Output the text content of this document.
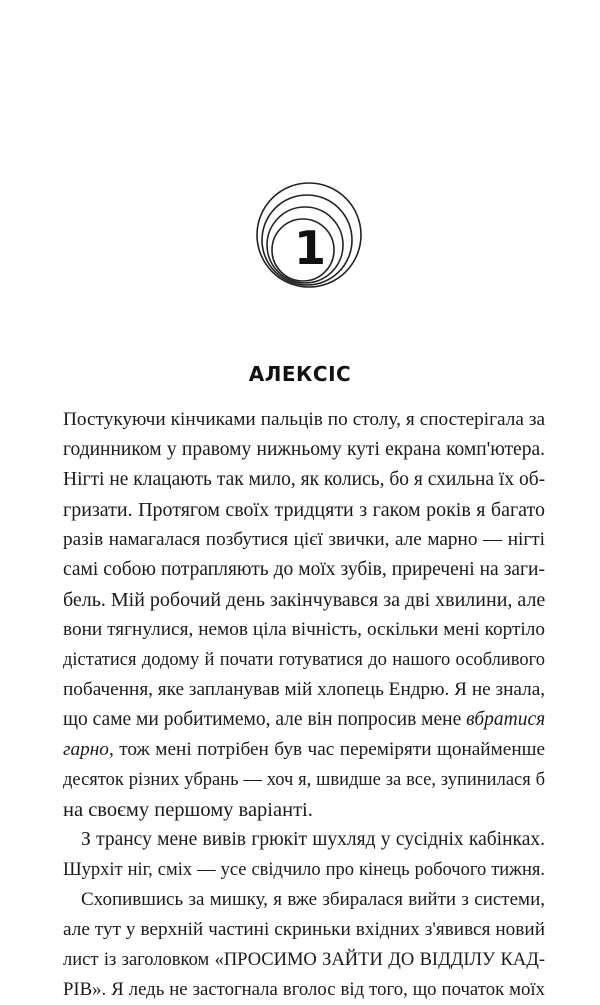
1
АЛЕКСІС
Постукуючи кінчиками пальців по столу, я спостерігала за
годинником у правому нижньому куті екрана комп'ютера.
Нігті не клацають так мило, як колись, бо я схильна їх об-
гризати. Протягом своїх тридцяти з гаком років я багато
разів намагалася позбутися цієї звички, але марно — нігті
самі собою потрапляють до моїх зубів, приречені на заги-
бель. Мій робочий день закінчувався за дві хвилини, але
вони тягнулися, немов ціла вічність, оскільки мені кортіло
дістатися додому й почати готуватися до нашого особливого
побачення, яке запланував мій хлопець Ендрю. Я не знала,
що саме ми робитимемо, але він попросив мене вбратися
гарно, тож мені потрібен був час переміряти щонайменше
десяток різних убрань — хоч я, швидше за все, зупинилася б
на своєму першому варіанті.
З трансу мене вивів грюкіт шухляд у сусідніх кабінках.
Шурхіт ніг, сміх — усе свідчило про кінець робочого тижня.
Схопившись за мишку, я вже збиралася вийти з системи,
але тут у верхній частині скриньки вхідних з'явився новий
лист із заголовком «ПРОСИМО ЗАЙТИ ДО ВІДДІЛУ КАД-
РІВ». Я ледь не застогнала вголос від того, що початок моїх
